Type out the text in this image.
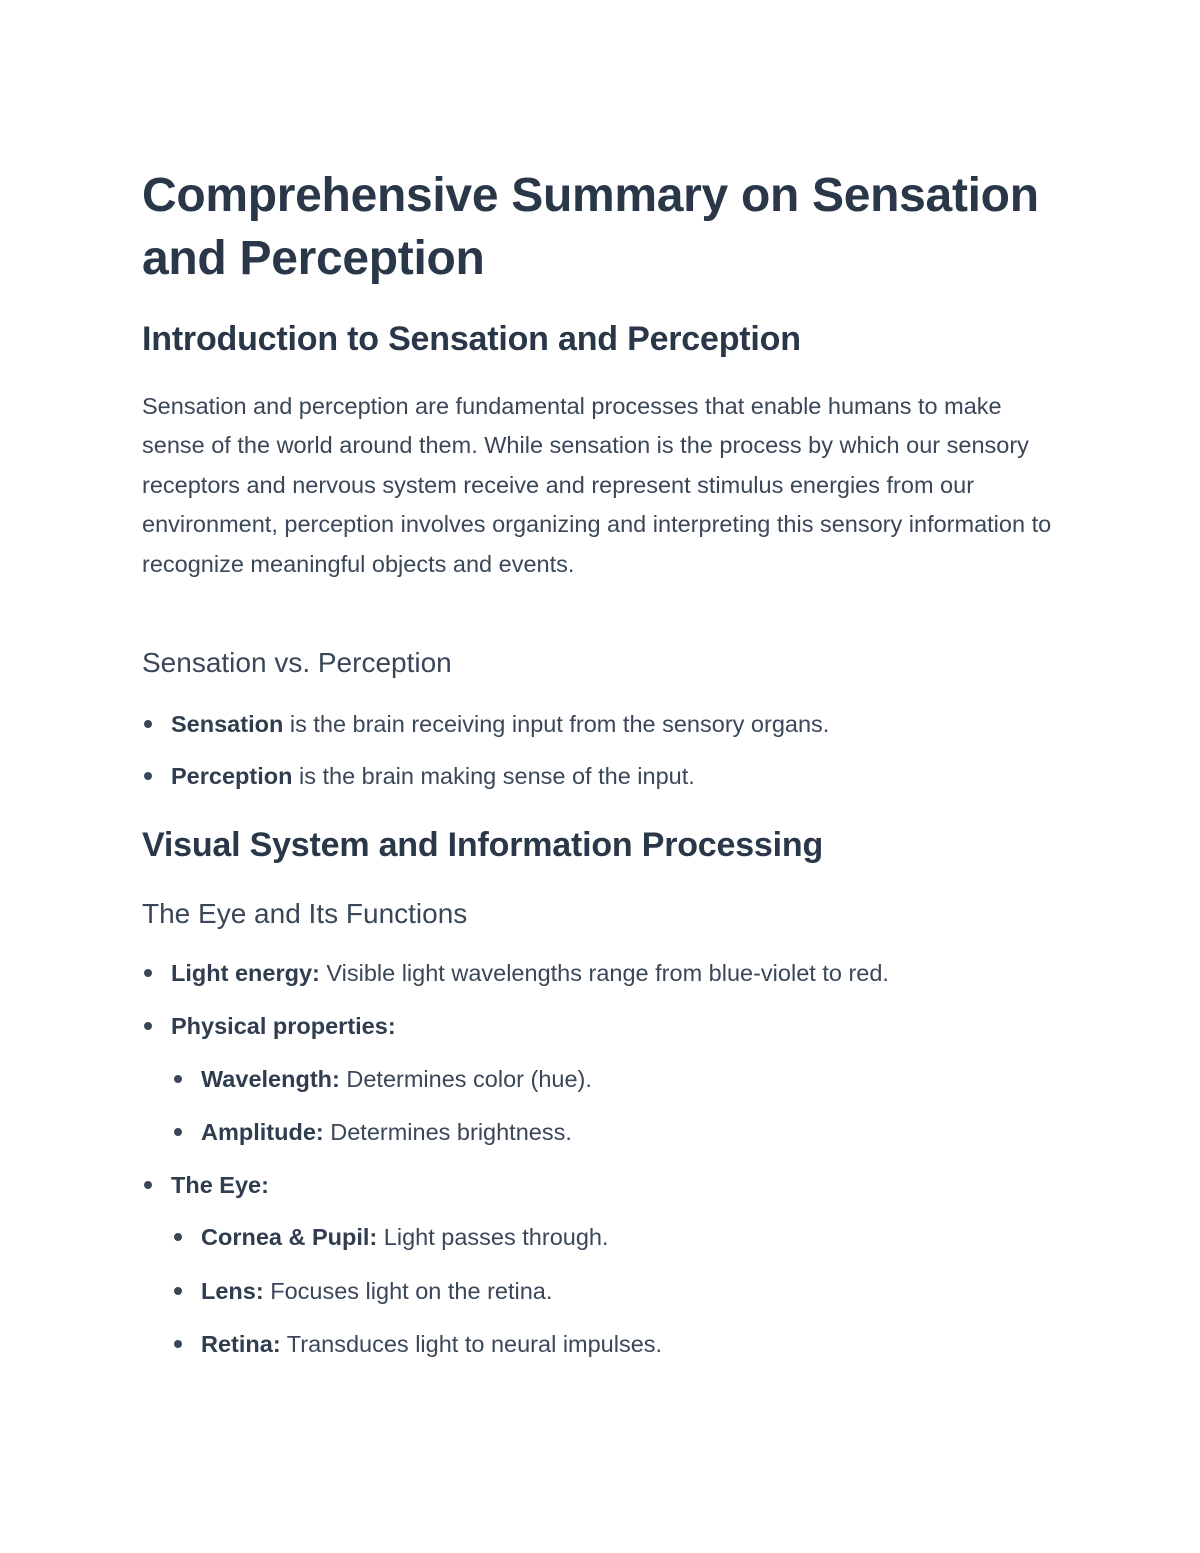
Comprehensive Summary on Sensation and Perception
Introduction to Sensation and Perception

Sensation and perception are fundamental processes that enable humans to make sense of the world around them. While sensation is the process by which our sensory receptors and nervous system receive and represent stimulus energies from our environment, perception involves organizing and interpreting this sensory information to recognize meaningful objects and events.

Sensation vs. Perception
Sensation is the brain receiving input from the sensory organs.
Perception is the brain making sense of the input.
Visual System and Information Processing
The Eye and Its Functions
Light energy: Visible light wavelengths range from blue-violet to red.
Physical properties:
Wavelength: Determines color (hue).
Amplitude: Determines brightness.
The Eye:
Cornea & Pupil: Light passes through.
Lens: Focuses light on the retina.
Retina: Transduces light to neural impulses.
